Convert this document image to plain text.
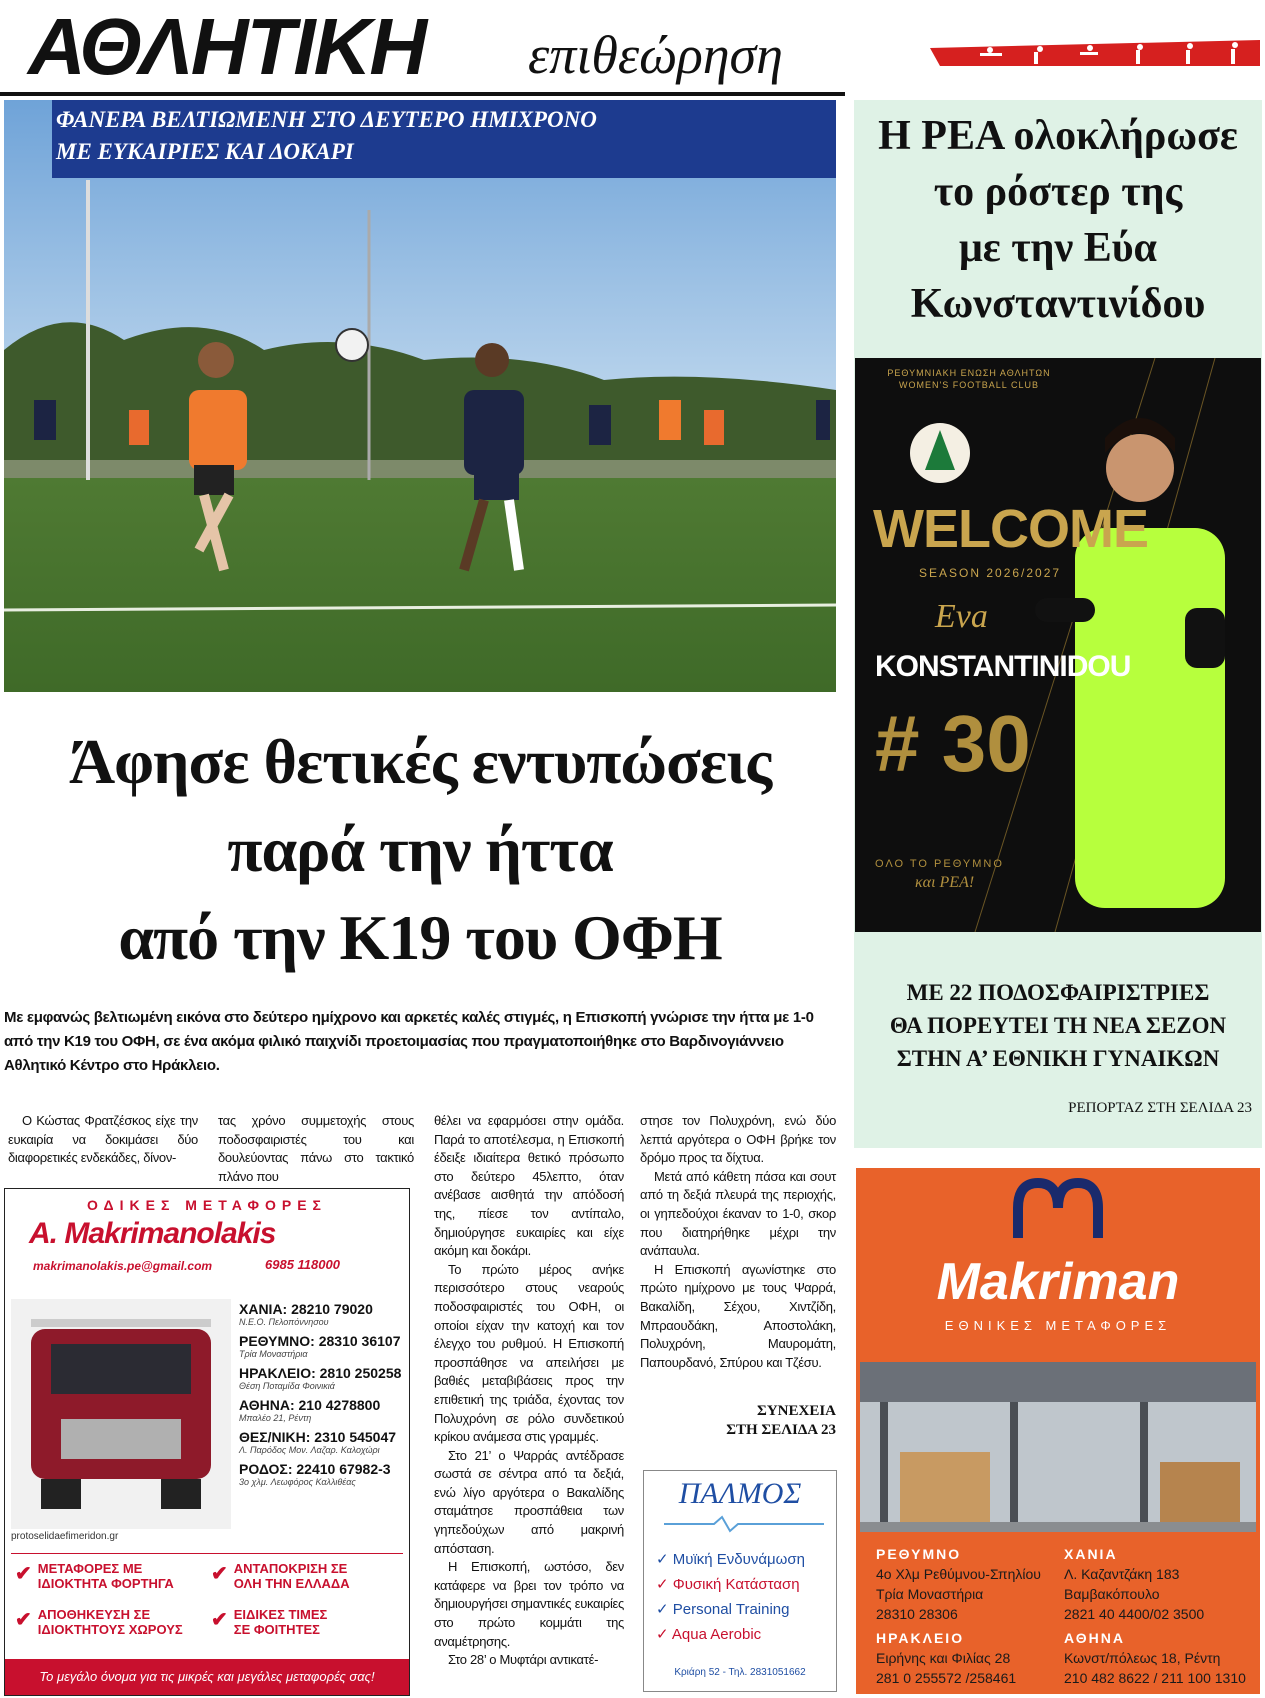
ΑΘΛΗΤΙΚΗ επιθεώρηση
ΦΑΝΕΡΑ ΒΕΛΤΙΩΜΕΝΗ ΣΤΟ ΔΕΥΤΕΡΟ ΗΜΙΧΡΟΝΟ
ΜΕ ΕΥΚΑΙΡΙΕΣ ΚΑΙ ΔΟΚΑΡΙ
Άφησε θετικές εντυπώσεις
παρά την ήττα
από την Κ19 του ΟΦΗ
Με εμφανώς βελτιωμένη εικόνα στο δεύτερο ημίχρονο και αρκετές καλές στιγμές, η Επισκοπή γνώρισε την ήττα με 1-0 από την Κ19 του ΟΦΗ, σε ένα ακόμα φιλικό παιχνίδι προετοιμασίας που πραγματοποιήθηκε στο Βαρδινογιάννειο Αθλητικό Κέντρο στο Ηράκλειο.

Ο Κώστας Φρατζέσκος είχε την ευκαιρία να δοκιμάσει δύο διαφορετικές ενδεκάδες, δίνον-

τας χρόνο συμμετοχής στους ποδοσφαιριστές του και δουλεύοντας πάνω στο τακτικό πλάνο που

θέλει να εφαρμόσει στην ομάδα. Παρά το αποτέλεσμα, η Επισκοπή έδειξε ιδιαίτερα θετικό πρόσωπο στο δεύτερο 45λεπτο, όταν ανέβασε αισθητά την απόδοσή της, πίεσε τον αντίπαλο, δημιούργησε ευκαιρίες και είχε ακόμη και δοκάρι.

Το πρώτο μέρος ανήκε περισσότερο στους νεαρούς ποδοσφαιριστές του ΟΦΗ, οι οποίοι είχαν την κατοχή και τον έλεγχο του ρυθμού. Η Επισκοπή προσπάθησε να απειλήσει με βαθιές μεταβιβάσεις προς την επιθετική της τριάδα, έχοντας τον Πολυχρόνη σε ρόλο συνδετικού κρίκου ανάμεσα στις γραμμές.

Στο 21’ ο Ψαρράς αντέδρασε σωστά σε σέντρα από τα δεξιά, ενώ λίγο αργότερα ο Βακαλίδης σταμάτησε προσπάθεια των γηπεδούχων από μακρινή απόσταση.

Η Επισκοπή, ωστόσο, δεν κατάφερε να βρει τον τρόπο να δημιουργήσει σημαντικές ευκαιρίες στο πρώτο κομμάτι της αναμέτρησης.

Στο 28’ ο Μυφτάρι αντικατέ-

στησε τον Πολυχρόνη, ενώ δύο λεπτά αργότερα ο ΟΦΗ βρήκε τον δρόμο προς τα δίχτυα.

Μετά από κάθετη πάσα και σουτ από τη δεξιά πλευρά της περιοχής, οι γηπεδούχοι έκαναν το 1-0, σκορ που διατηρήθηκε μέχρι την ανάπαυλα.

Η Επισκοπή αγωνίστηκε στο πρώτο ημίχρονο με τους Ψαρρά, Βακαλίδη, Σέχου, Χιντζίδη, Μπραουδάκη, Αποστολάκη, Πολυχρόνη, Μαυρομάτη, Παπουρδανό, Σπύρου και Τζέσυ.

ΣΥΝΕΧΕΙΑ
ΣΤΗ ΣΕΛΙΔΑ 23
ΟΔΙΚΕΣ ΜΕΤΑΦΟΡΕΣ
A. Makrimanolakis
makrimanolakis.pe@gmail.com	6985 118000
protoselidaefimeridon.gr
ΧΑΝΙΑ: 28210 79020
Ν.Ε.Ο. Πελοπόννησου
ΡΕΘΥΜΝΟ: 28310 36107
Τρία Μοναστήρια
ΗΡΑΚΛΕΙΟ: 2810 250258
Θέση Ποταμίδα Φοινικιά
ΑΘΗΝΑ: 210 4278800
Μπαλέο 21, Ρέντη
ΘΕΣ/ΝΙΚΗ: 2310 545047
Λ. Παρόδος Μον. Λαζαρ. Καλοχώρι
ΡΟΔΟΣ: 22410 67982-3
3ο χλμ. Λεωφόρος Καλλιθέας
✔ ΜΕΤΑΦΟΡΕΣ ΜΕ
ΙΔΙΟΚΤΗΤΑ ΦΟΡΤΗΓΑ	✔ ΑΝΤΑΠΟΚΡΙΣΗ ΣΕ
ΟΛΗ ΤΗΝ ΕΛΛΑΔΑ
✔ ΑΠΟΘΗΚΕΥΣΗ ΣΕ
ΙΔΙΟΚΤΗΤΟΥΣ ΧΩΡΟΥΣ	✔ ΕΙΔΙΚΕΣ ΤΙΜΕΣ
ΣΕ ΦΟΙΤΗΤΕΣ
Το μεγάλο όνομα για τις μικρές και μεγάλες μεταφορές σας!
ΠΑΛΜΟΣ
✓ Μυϊκή Ενδυνάμωση
✓ Φυσική Κατάσταση
✓ Personal Training
✓ Aqua Aerobic
Κριάρη 52 - Τηλ. 2831051662
Η ΡΕΑ ολοκλήρωσε
το ρόστερ της
με την Εύα
Κωνσταντινίδου
ΡΕΘΥΜΝΙΑΚΗ ΕΝΩΣΗ ΑΘΛΗΤΩΝ
WOMEN'S FOOTBALL CLUB
WELCOME
SEASON 2026/2027
Eva
KONSTANTINIDOU
# 30
ΟΛΟ ΤΟ ΡΕΘΥΜΝΟ
και ΡΕΑ!
ΜΕ 22 ΠΟΔΟΣΦΑΙΡΙΣΤΡΙΕΣ
ΘΑ ΠΟΡΕΥΤΕΙ ΤΗ ΝΕΑ ΣΕΖΟΝ
ΣΤΗΝ Α’ ΕΘΝΙΚΗ ΓΥΝΑΙΚΩΝ
ΡΕΠΟΡΤΑΖ ΣΤΗ ΣΕΛΙΔΑ 23
Makriman
ΕΘΝΙΚΕΣ ΜΕΤΑΦΟΡΕΣ
ΡΕΘΥΜΝΟ
4ο Χλμ Ρεθύμνου-Σπηλίου
Τρία Μοναστήρια
28310 28306
ΧΑΝΙΑ
Λ. Καζαντζάκη 183
Βαμβακόπουλο
2821 40 4400/02 3500
ΗΡΑΚΛΕΙΟ
Ειρήνης και Φιλίας 28
281 0 255572 /258461
ΑΘΗΝΑ
Κωνστ/πόλεως 18, Ρέντη
210 482 8622 / 211 100 1310
